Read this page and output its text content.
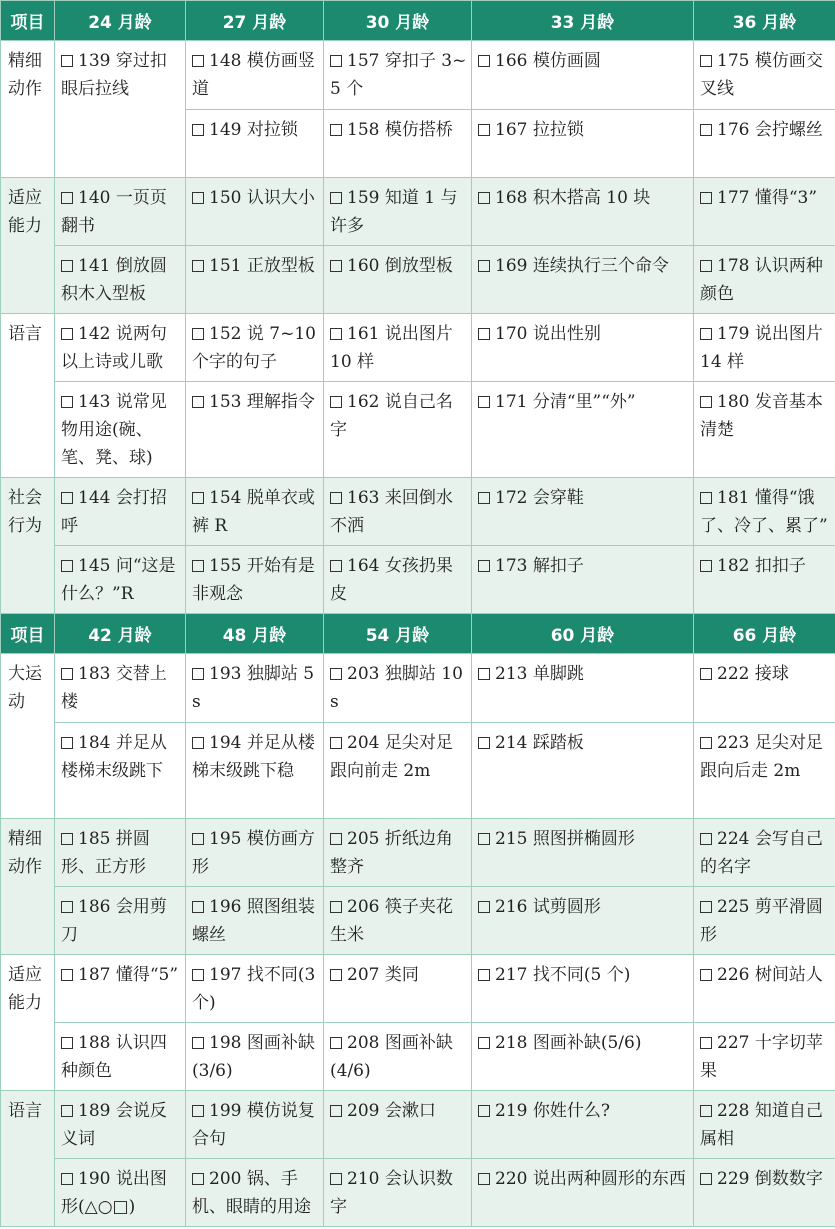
项目	24 月龄	27 月龄	30 月龄	33 月龄	36 月龄
精细动作	139 穿过扣眼后拉线	148 模仿画竖道	157 穿扣子 3~5 个	166 模仿画圆	175 模仿画交叉线
		149 对拉锁	158 模仿搭桥	167 拉拉锁	176 会拧螺丝
适应能力	140 一页页翻书	150 认识大小	159 知道 1 与许多	168 积木搭高 10 块	177 懂得“3”
	141 倒放圆积木入型板	151 正放型板	160 倒放型板	169 连续执行三个命令	178 认识两种颜色
语言	142 说两句以上诗或儿歌	152 说 7~10 个字的句子	161 说出图片 10 样	170 说出性别	179 说出图片 14 样
	143 说常见物用途(碗、笔、凳、球)	153 理解指令	162 说自己名字	171 分清“里”“外”	180 发音基本清楚
社会行为	144 会打招呼	154 脱单衣或裤 R	163 来回倒水不洒	172 会穿鞋	181 懂得“饿了、冷了、累了”
	145 问“这是什么？”R	155 开始有是非观念	164 女孩扔果皮	173 解扣子	182 扣扣子
项目	42 月龄	48 月龄	54 月龄	60 月龄	66 月龄
大运动	183 交替上楼	193 独脚站 5s	203 独脚站 10s	213 单脚跳	222 接球
	184 并足从楼梯末级跳下	194 并足从楼梯末级跳下稳	204 足尖对足跟向前走 2m	214 踩踏板	223 足尖对足跟向后走 2m
精细动作	185 拼圆形、正方形	195 模仿画方形	205 折纸边角整齐	215 照图拼椭圆形	224 会写自己的名字
	186 会用剪刀	196 照图组装螺丝	206 筷子夹花生米	216 试剪圆形	225 剪平滑圆形
适应能力	187 懂得“5”	197 找不同(3 个)	207 类同	217 找不同(5 个)	226 树间站人
	188 认识四种颜色	198 图画补缺(3/6)	208 图画补缺(4/6)	218 图画补缺(5/6)	227 十字切苹果
语言	189 会说反义词	199 模仿说复合句	209 会漱口	219 你姓什么?	228 知道自己属相
	190 说出图形(△○□)	200 锅、手机、眼睛的用途	210 会认识数字	220 说出两种圆形的东西	229 倒数数字
